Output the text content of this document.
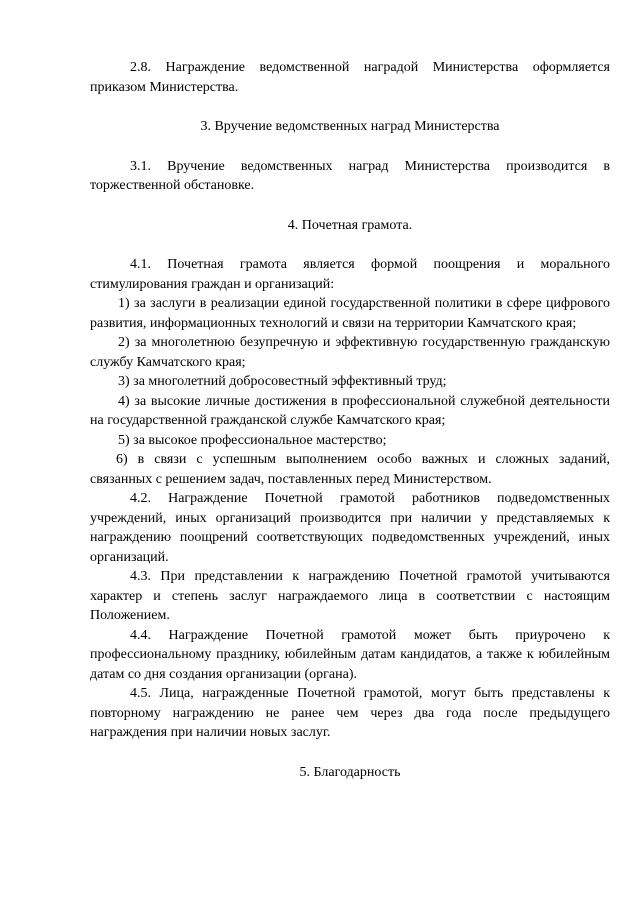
2.8. Награждение ведомственной наградой Министерства оформляется приказом Министерства.

3. Вручение ведомственных наград Министерства

3.1. Вручение ведомственных наград Министерства производится в торжественной обстановке.

4. Почетная грамота.

4.1. Почетная грамота является формой поощрения и морального стимулирования граждан и организаций:

1) за заслуги в реализации единой государственной политики в сфере цифрового развития, информационных технологий и связи на территории Камчатского края;

2) за многолетнюю безупречную и эффективную государственную гражданскую службу Камчатского края;

3) за многолетний добросовестный эффективный труд;

4) за высокие личные достижения в профессиональной служебной деятельности на государственной гражданской службе Камчатского края;

5) за высокое профессиональное мастерство;

6) в связи с успешным выполнением особо важных и сложных заданий, связанных с решением задач, поставленных перед Министерством.

4.2. Награждение Почетной грамотой работников подведомственных учреждений, иных организаций производится при наличии у представляемых к награждению поощрений соответствующих подведомственных учреждений, иных организаций.

4.3. При представлении к награждению Почетной грамотой учитываются характер и степень заслуг награждаемого лица в соответствии с настоящим Положением.

4.4. Награждение Почетной грамотой может быть приурочено к профессиональному празднику, юбилейным датам кандидатов, а также к юбилейным датам со дня создания организации (органа).

4.5. Лица, награжденные Почетной грамотой, могут быть представлены к повторному награждению не ранее чем через два года после предыдущего награждения при наличии новых заслуг.

5. Благодарность
